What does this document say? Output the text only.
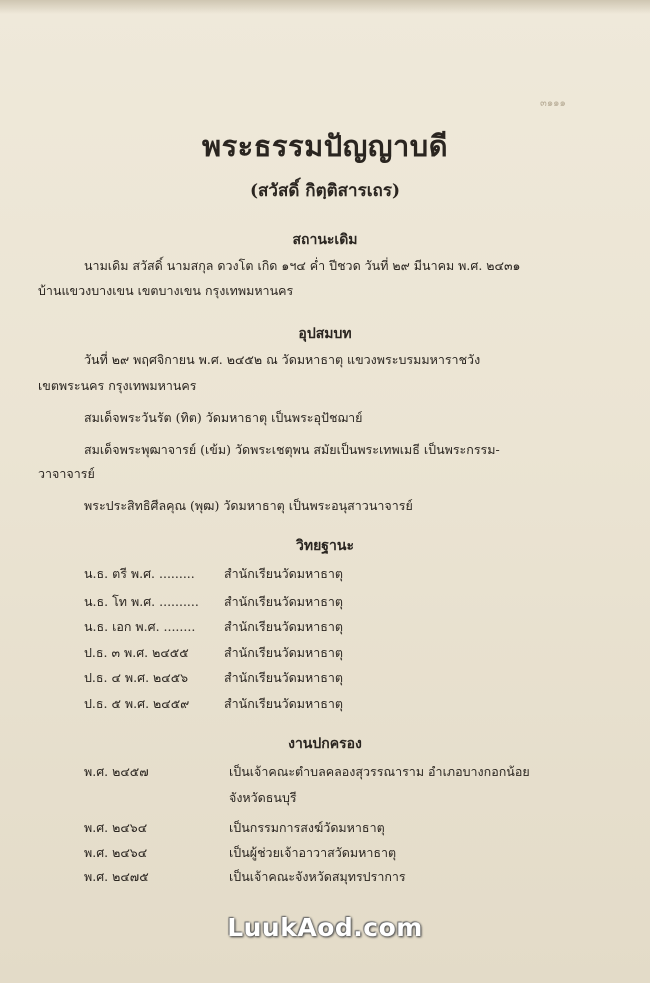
๓๑๑๑
พระธรรมปัญญาบดี
(สวัสดิ์ กิตฺติสารเถร)
สถานะเดิม
นามเดิม สวัสดิ์ นามสกุล ดวงโต เกิด ๑ฯ๔ ค่ำ ปีชวด วันที่ ๒๙ มีนาคม พ.ศ. ๒๔๓๑
บ้านแขวงบางเขน เขตบางเขน กรุงเทพมหานคร
อุปสมบท
วันที่ ๒๙ พฤศจิกายน พ.ศ. ๒๔๕๒ ณ วัดมหาธาตุ แขวงพระบรมมหาราชวัง
เขตพระนคร กรุงเทพมหานคร
สมเด็จพระวันรัต (ทิต) วัดมหาธาตุ เป็นพระอุปัชฌาย์
สมเด็จพระพุฒาจารย์ (เข้ม) วัดพระเชตุพน สมัยเป็นพระเทพเมธี เป็นพระกรรม-
วาจาจารย์
พระประสิทธิศีลคุณ (พุฒ) วัดมหาธาตุ เป็นพระอนุสาวนาจารย์
วิทยฐานะ
น.ธ. ตรี พ.ศ. ......... สำนักเรียนวัดมหาธาตุ
น.ธ. โท พ.ศ. .......... สำนักเรียนวัดมหาธาตุ
น.ธ. เอก พ.ศ. ........ สำนักเรียนวัดมหาธาตุ
ป.ธ. ๓ พ.ศ. ๒๔๕๕	สำนักเรียนวัดมหาธาตุ
ป.ธ. ๔ พ.ศ. ๒๔๕๖	สำนักเรียนวัดมหาธาตุ
ป.ธ. ๕ พ.ศ. ๒๔๕๙	สำนักเรียนวัดมหาธาตุ
งานปกครอง
พ.ศ. ๒๔๕๗	เป็นเจ้าคณะตำบลคลองสุวรรณาราม อำเภอบางกอกน้อย
จังหวัดธนบุรี
พ.ศ. ๒๔๖๔	เป็นกรรมการสงฆ์วัดมหาธาตุ
พ.ศ. ๒๔๖๔	เป็นผู้ช่วยเจ้าอาวาสวัดมหาธาตุ
พ.ศ. ๒๔๗๕	เป็นเจ้าคณะจังหวัดสมุทรปราการ
LuukAod.com
